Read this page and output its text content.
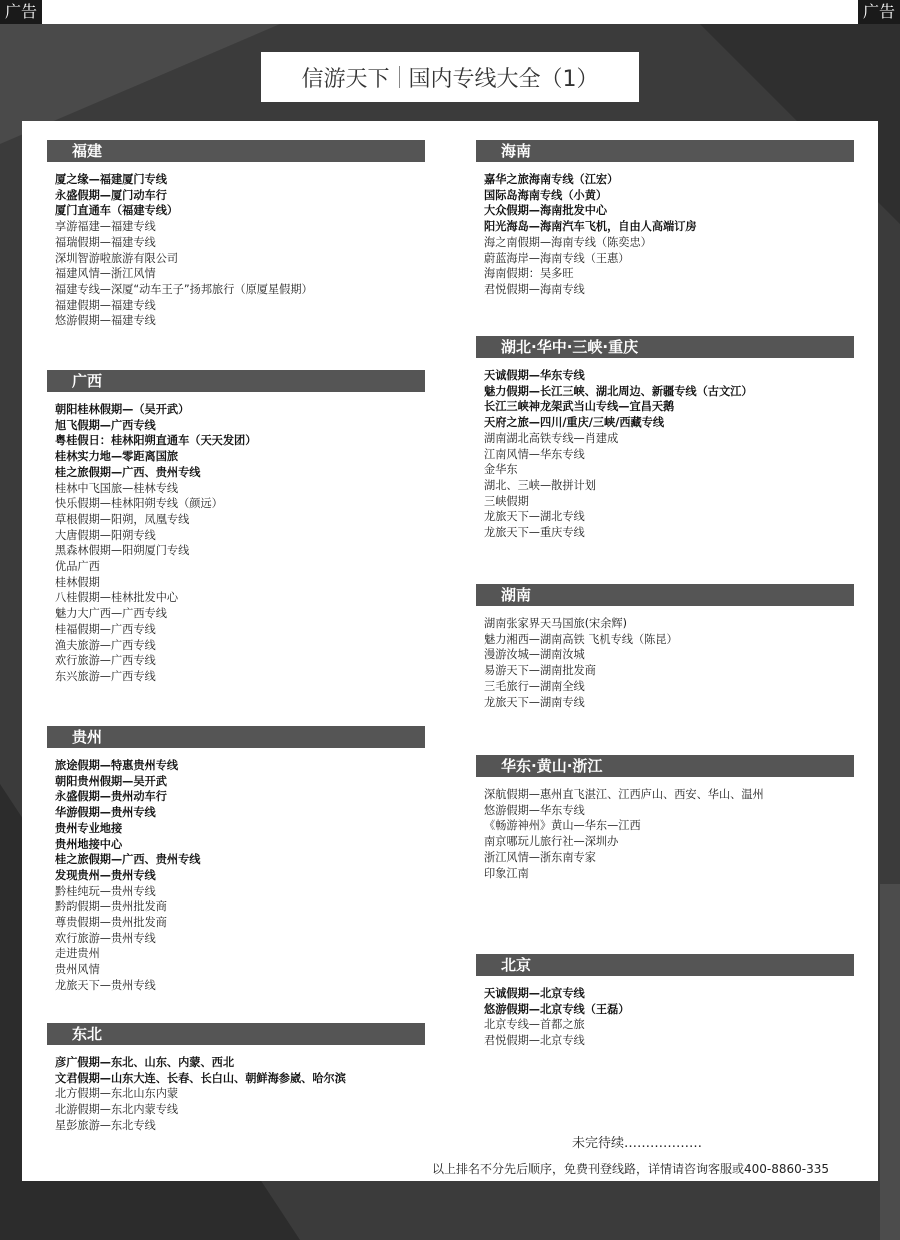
广告	广告
信游天下 国内专线大全（1）
福建
厦之缘—福建厦门专线
永盛假期—厦门动车行
厦门直通车（福建专线）
享游福建—福建专线
福瑞假期—福建专线
深圳智游啦旅游有限公司
福建风情—浙江风情
福建专线—深厦“动车王子”扬邦旅行（原厦星假期）
福建假期—福建专线
悠游假期—福建专线
广西
朝阳桂林假期—（吴开武）
旭飞假期—广西专线
粤桂假日：桂林阳朔直通车（天天发团）
桂林实力地—零距离国旅
桂之旅假期—广西、贵州专线
桂林中飞国旅—桂林专线
快乐假期—桂林阳朔专线（颜远）
草根假期—阳朔，凤凰专线
大唐假期—阳朔专线
黑森林假期—阳朔厦门专线
优品广西
桂林假期
八桂假期—桂林批发中心
魅力大广西—广西专线
桂福假期—广西专线
渔夫旅游—广西专线
欢行旅游—广西专线
东兴旅游—广西专线
贵州
旅途假期—特惠贵州专线
朝阳贵州假期—吴开武
永盛假期—贵州动车行
华游假期—贵州专线
贵州专业地接
贵州地接中心
桂之旅假期—广西、贵州专线
发现贵州—贵州专线
黔桂纯玩—贵州专线
黔韵假期—贵州批发商
尊贵假期—贵州批发商
欢行旅游—贵州专线
走进贵州
贵州风情
龙旅天下—贵州专线
东北
彦广假期—东北、山东、内蒙、西北
文君假期—山东大连、长春、长白山、朝鲜海参崴、哈尔滨
北方假期—东北山东内蒙
北游假期—东北内蒙专线
星彭旅游—东北专线
海南
嘉华之旅海南专线（江宏）
国际岛海南专线（小黄）
大众假期—海南批发中心
阳光海岛—海南汽车飞机，自由人高端订房
海之南假期—海南专线（陈奕忠）
蔚蓝海岸—海南专线（王惠）
海南假期：吴多旺
君悦假期—海南专线
湖北·华中·三峡·重庆
天诚假期—华东专线
魅力假期—长江三峡、湖北周边、新疆专线（古文江）
长江三峡神龙架武当山专线—宜昌天鹅
天府之旅—四川/重庆/三峡/西藏专线
湖南湖北高铁专线—肖建成
江南风情—华东专线
金华东
湖北、三峡—散拼计划
三峡假期
龙旅天下—湖北专线
龙旅天下—重庆专线
湖南
湖南张家界天马国旅(宋余辉)
魅力湘西—湖南高铁 飞机专线（陈昆）
漫游汝城—湖南汝城
易游天下—湖南批发商
三毛旅行—湖南全线
龙旅天下—湖南专线
华东·黄山·浙江
深航假期—惠州直飞湛江、江西庐山、西安、华山、温州
悠游假期—华东专线
《畅游神州》黄山—华东—江西
南京哪玩儿旅行社—深圳办
浙江风情—浙东南专家
印象江南
北京
天诚假期—北京专线
悠游假期—北京专线（王磊）
北京专线—首都之旅
君悦假期—北京专线
未完待续………………
以上排名不分先后顺序，免费刊登线路，详情请咨询客服或400-8860-335
